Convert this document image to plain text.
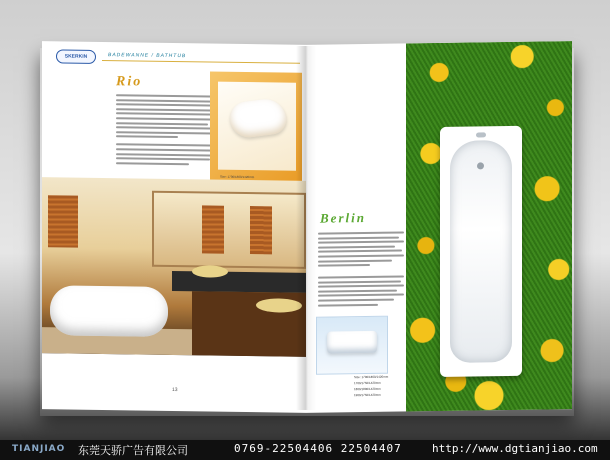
SKERKIN	BADEWANNE / BATHTUB
Rio
Size: 1700/1800/1420mm
13
Berlin
Size: 1700/1800/1420mm
1700/1750/1420mm
1800/1800/1420mm
1900/1750/1420mm
TIANJIAO 东莞天骄广告有限公司	0769-22504406 22504407	http://www.dgtianjiao.com
